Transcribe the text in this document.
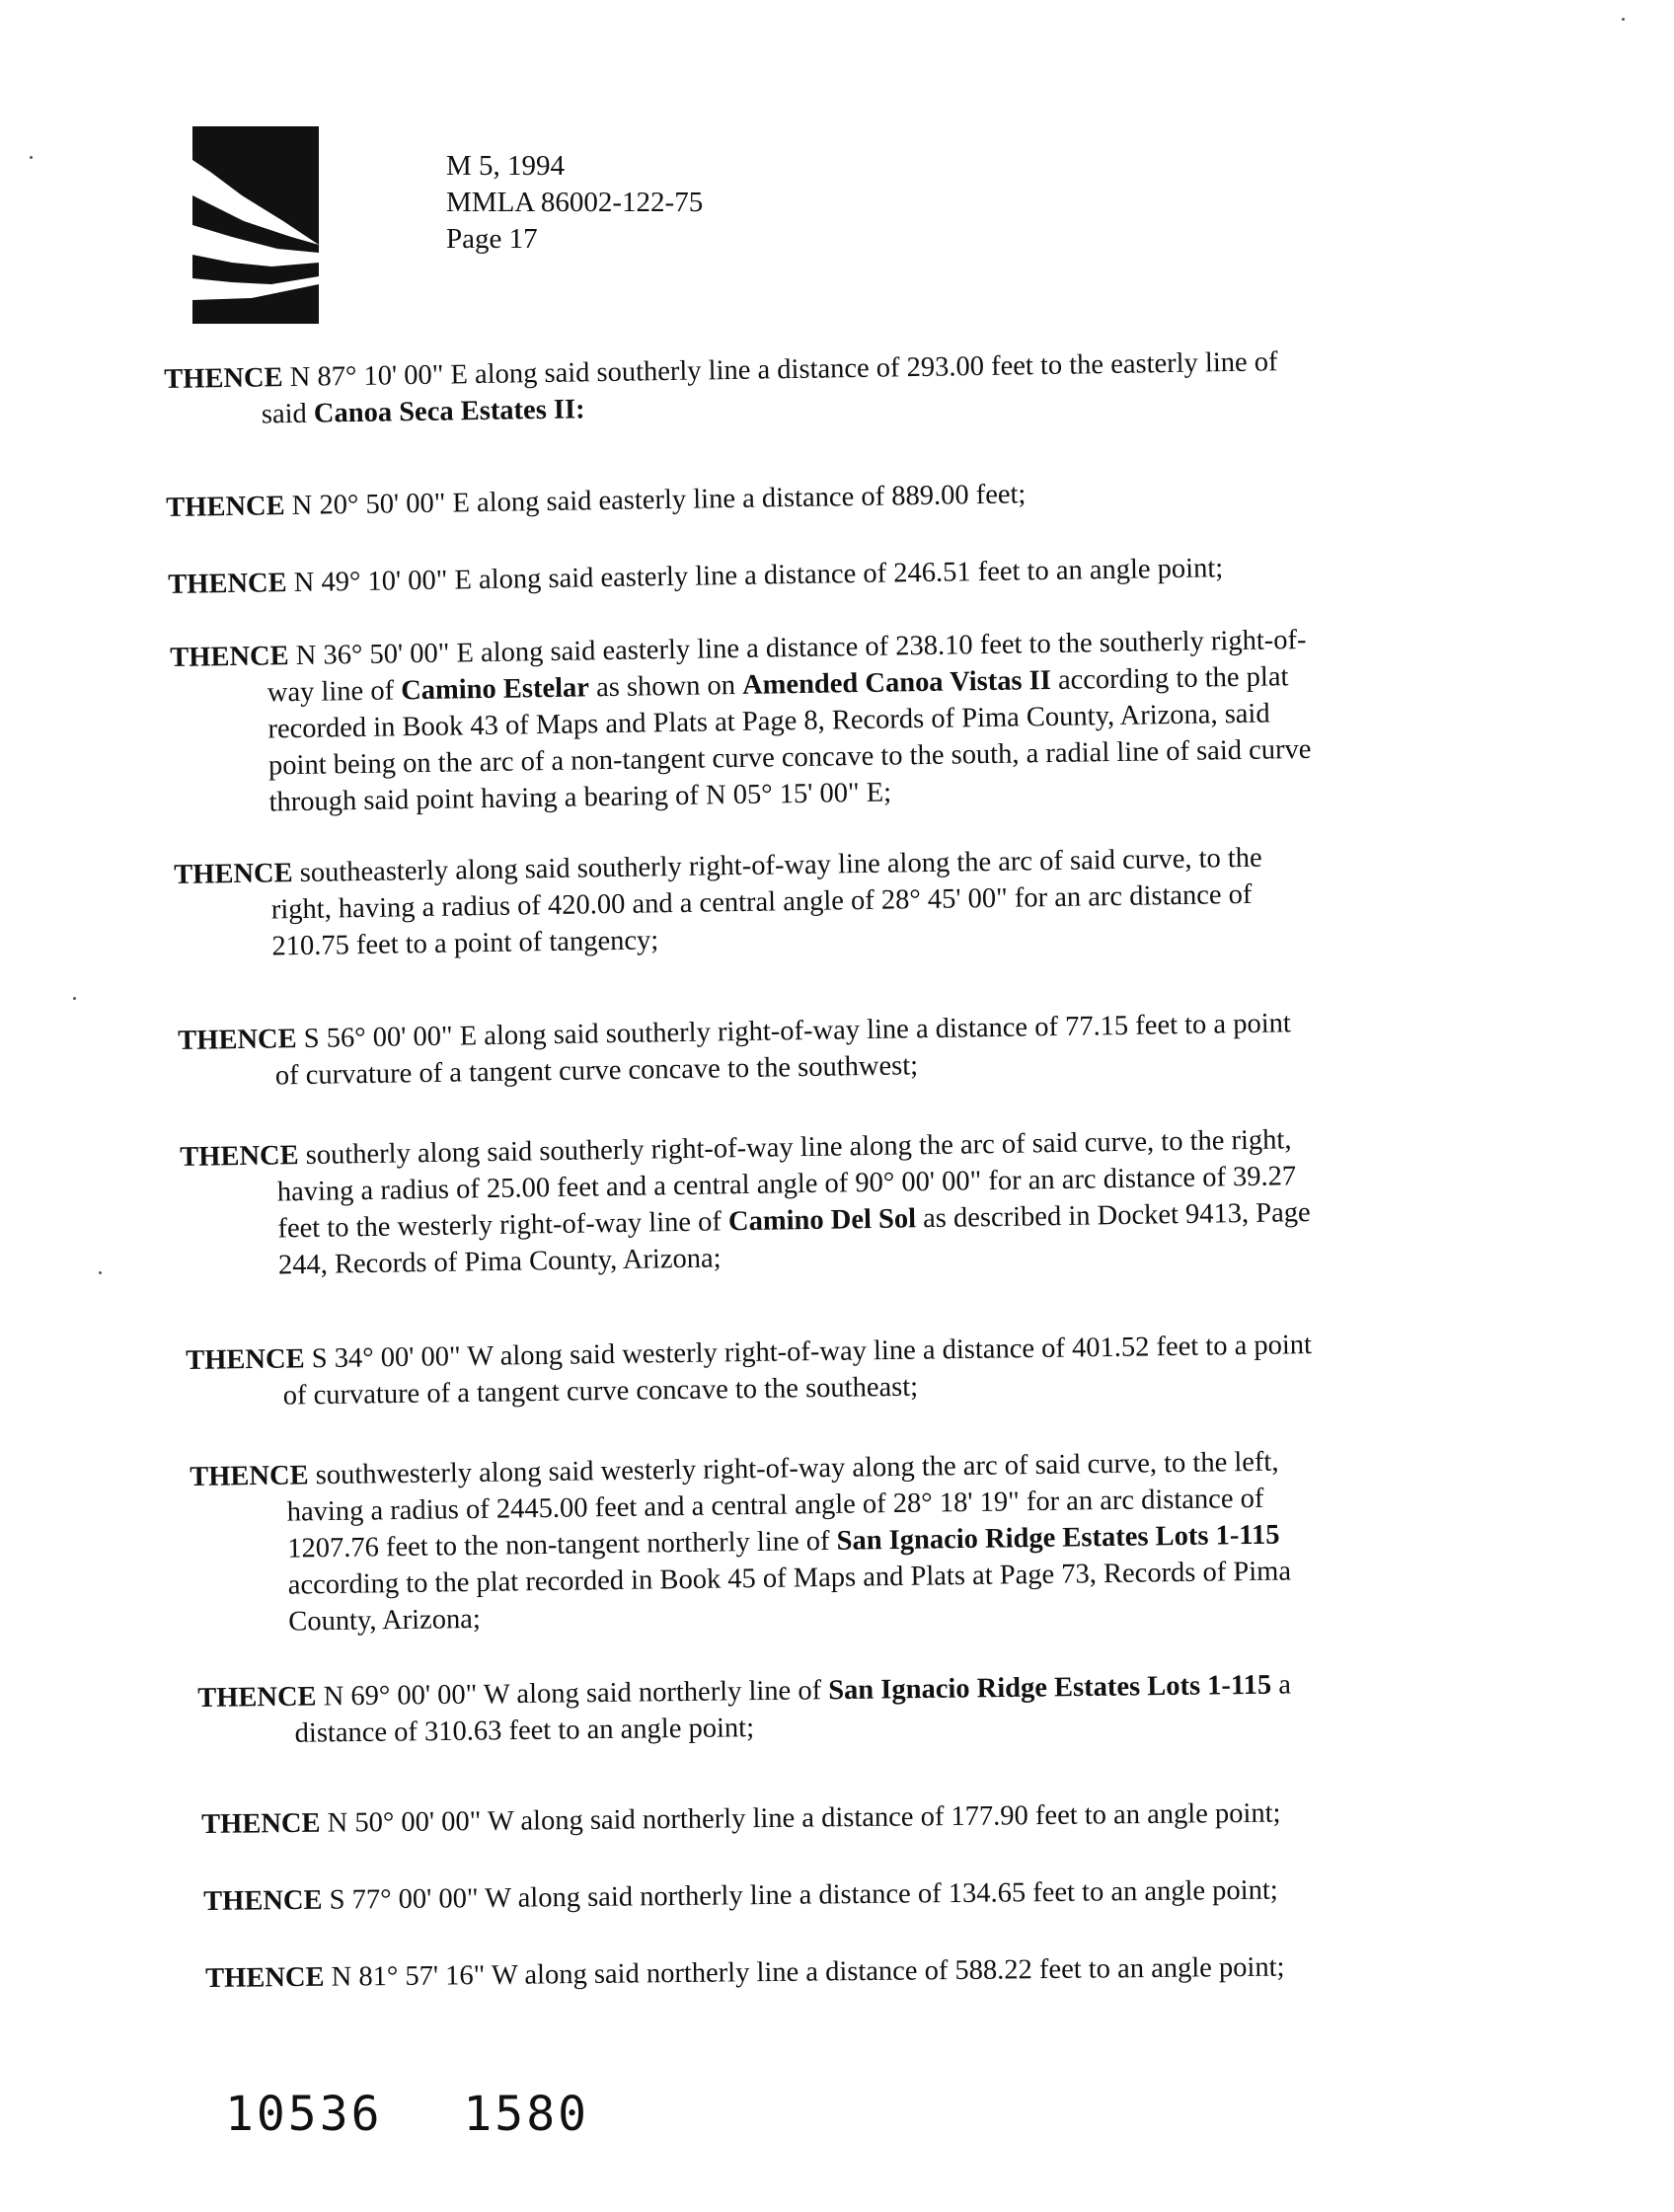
M 5, 1994
MMLA 86002-122-75
Page 17
THENCE N 87° 10' 00" E along said southerly line a distance of 293.00 feet to the easterly line of
said Canoa Seca Estates II:
THENCE N 20° 50' 00" E along said easterly line a distance of 889.00 feet;
THENCE N 49° 10' 00" E along said easterly line a distance of 246.51 feet to an angle point;
THENCE N 36° 50' 00" E along said easterly line a distance of 238.10 feet to the southerly right-of-
way line of Camino Estelar as shown on Amended Canoa Vistas II according to the plat
recorded in Book 43 of Maps and Plats at Page 8, Records of Pima County, Arizona, said
point being on the arc of a non-tangent curve concave to the south, a radial line of said curve
through said point having a bearing of N 05° 15' 00" E;
THENCE southeasterly along said southerly right-of-way line along the arc of said curve, to the
right, having a radius of 420.00 and a central angle of 28° 45' 00" for an arc distance of
210.75 feet to a point of tangency;
THENCE S 56° 00' 00" E along said southerly right-of-way line a distance of 77.15 feet to a point
of curvature of a tangent curve concave to the southwest;
THENCE southerly along said southerly right-of-way line along the arc of said curve, to the right,
having a radius of 25.00 feet and a central angle of 90° 00' 00" for an arc distance of 39.27
feet to the westerly right-of-way line of Camino Del Sol as described in Docket 9413, Page
244, Records of Pima County, Arizona;
THENCE S 34° 00' 00" W along said westerly right-of-way line a distance of 401.52 feet to a point
of curvature of a tangent curve concave to the southeast;
THENCE southwesterly along said westerly right-of-way along the arc of said curve, to the left,
having a radius of 2445.00 feet and a central angle of 28° 18' 19" for an arc distance of
1207.76 feet to the non-tangent northerly line of San Ignacio Ridge Estates Lots 1-115
according to the plat recorded in Book 45 of Maps and Plats at Page 73, Records of Pima
County, Arizona;
THENCE N 69° 00' 00" W along said northerly line of San Ignacio Ridge Estates Lots 1-115 a
distance of 310.63 feet to an angle point;
THENCE N 50° 00' 00" W along said northerly line a distance of 177.90 feet to an angle point;
THENCE S 77° 00' 00" W along said northerly line a distance of 134.65 feet to an angle point;
THENCE N 81° 57' 16" W along said northerly line a distance of 588.22 feet to an angle point;
10536 1580
